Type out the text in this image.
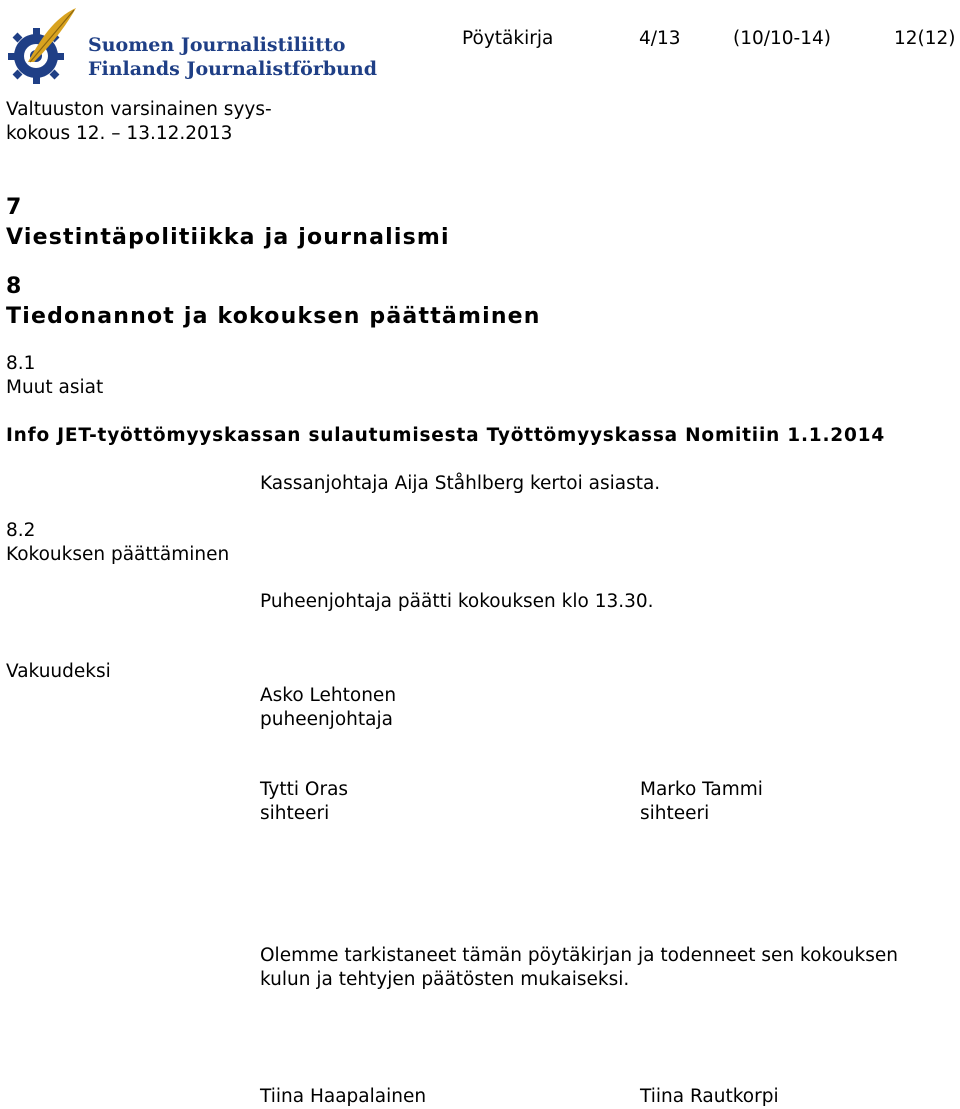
Suomen Journalistiliitto
Finlands Journalistförbund
Pöytäkirja	4/13	(10/10-14)	12(12)
Valtuuston varsinainen syys-
kokous 12. – 13.12.2013
7
Viestintäpolitiikka ja journalismi
8
Tiedonannot ja kokouksen päättäminen
8.1
Muut asiat
Info JET-työttömyyskassan sulautumisesta Työttömyyskassa Nomitiin 1.1.2014
Kassanjohtaja Aija Ståhlberg kertoi asiasta.
8.2
Kokouksen päättäminen
Puheenjohtaja päätti kokouksen klo 13.30.
Vakuudeksi
Asko Lehtonen
puheenjohtaja
Tytti Oras
sihteeri
Marko Tammi
sihteeri
Olemme tarkistaneet tämän pöytäkirjan ja todenneet sen kokouksen
kulun ja tehtyjen päätösten mukaiseksi.
Tiina Haapalainen	Tiina Rautkorpi
